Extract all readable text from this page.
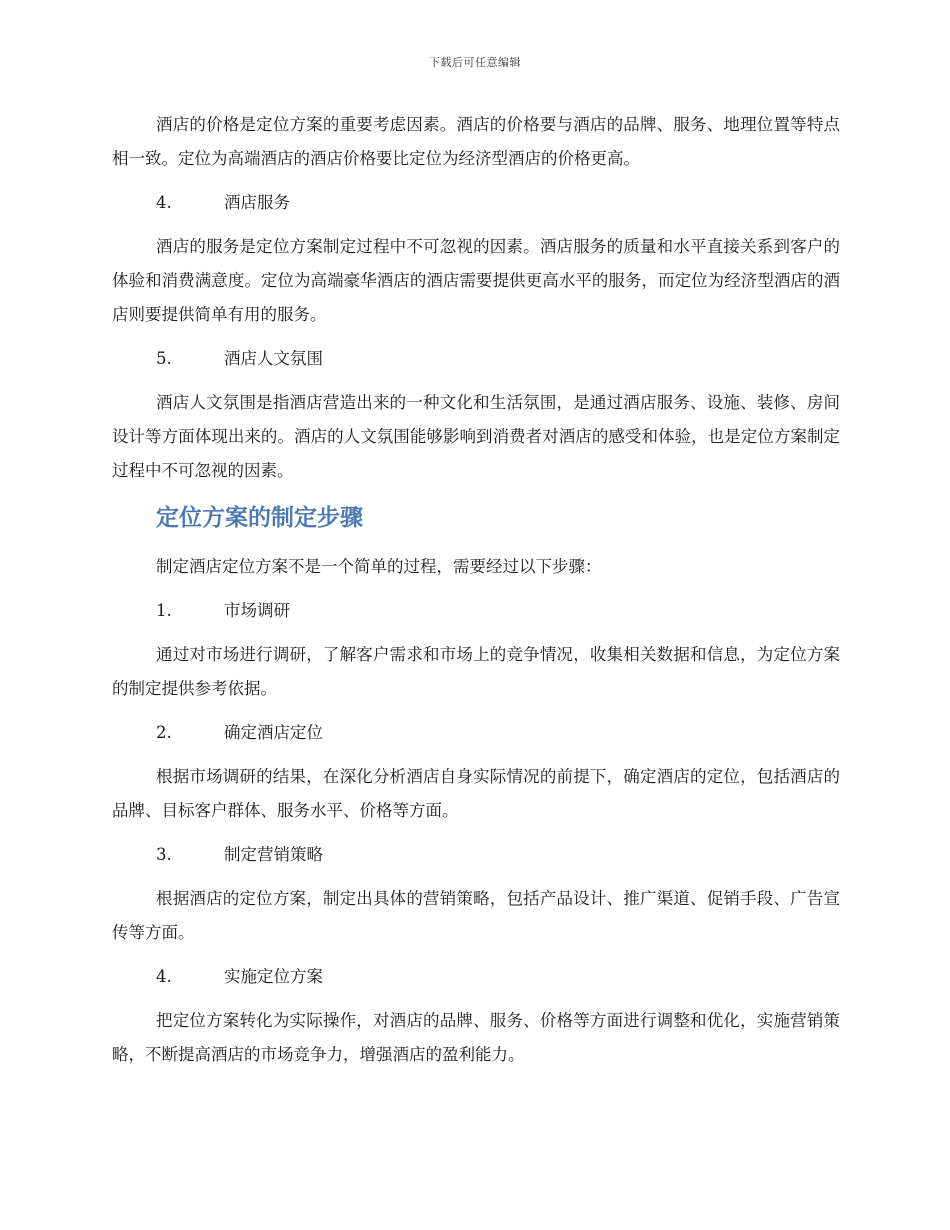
下载后可任意编辑

酒店的价格是定位方案的重要考虑因素。酒店的价格要与酒店的品牌、服务、地理位置等特点相一致。定位为高端酒店的酒店价格要比定位为经济型酒店的价格更高。

4.	酒店服务

酒店的服务是定位方案制定过程中不可忽视的因素。酒店服务的质量和水平直接关系到客户的体验和消费满意度。定位为高端豪华酒店的酒店需要提供更高水平的服务，而定位为经济型酒店的酒店则要提供简单有用的服务。

5.	酒店人文氛围

酒店人文氛围是指酒店营造出来的一种文化和生活氛围，是通过酒店服务、设施、装修、房间设计等方面体现出来的。酒店的人文氛围能够影响到消费者对酒店的感受和体验，也是定位方案制定过程中不可忽视的因素。

定位方案的制定步骤

制定酒店定位方案不是一个简单的过程，需要经过以下步骤：

1.	市场调研

通过对市场进行调研，了解客户需求和市场上的竞争情况，收集相关数据和信息，为定位方案的制定提供参考依据。

2.	确定酒店定位

根据市场调研的结果，在深化分析酒店自身实际情况的前提下，确定酒店的定位，包括酒店的品牌、目标客户群体、服务水平、价格等方面。

3.	制定营销策略

根据酒店的定位方案，制定出具体的营销策略，包括产品设计、推广渠道、促销手段、广告宣传等方面。

4.	实施定位方案

把定位方案转化为实际操作，对酒店的品牌、服务、价格等方面进行调整和优化，实施营销策略，不断提高酒店的市场竞争力，增强酒店的盈利能力。
